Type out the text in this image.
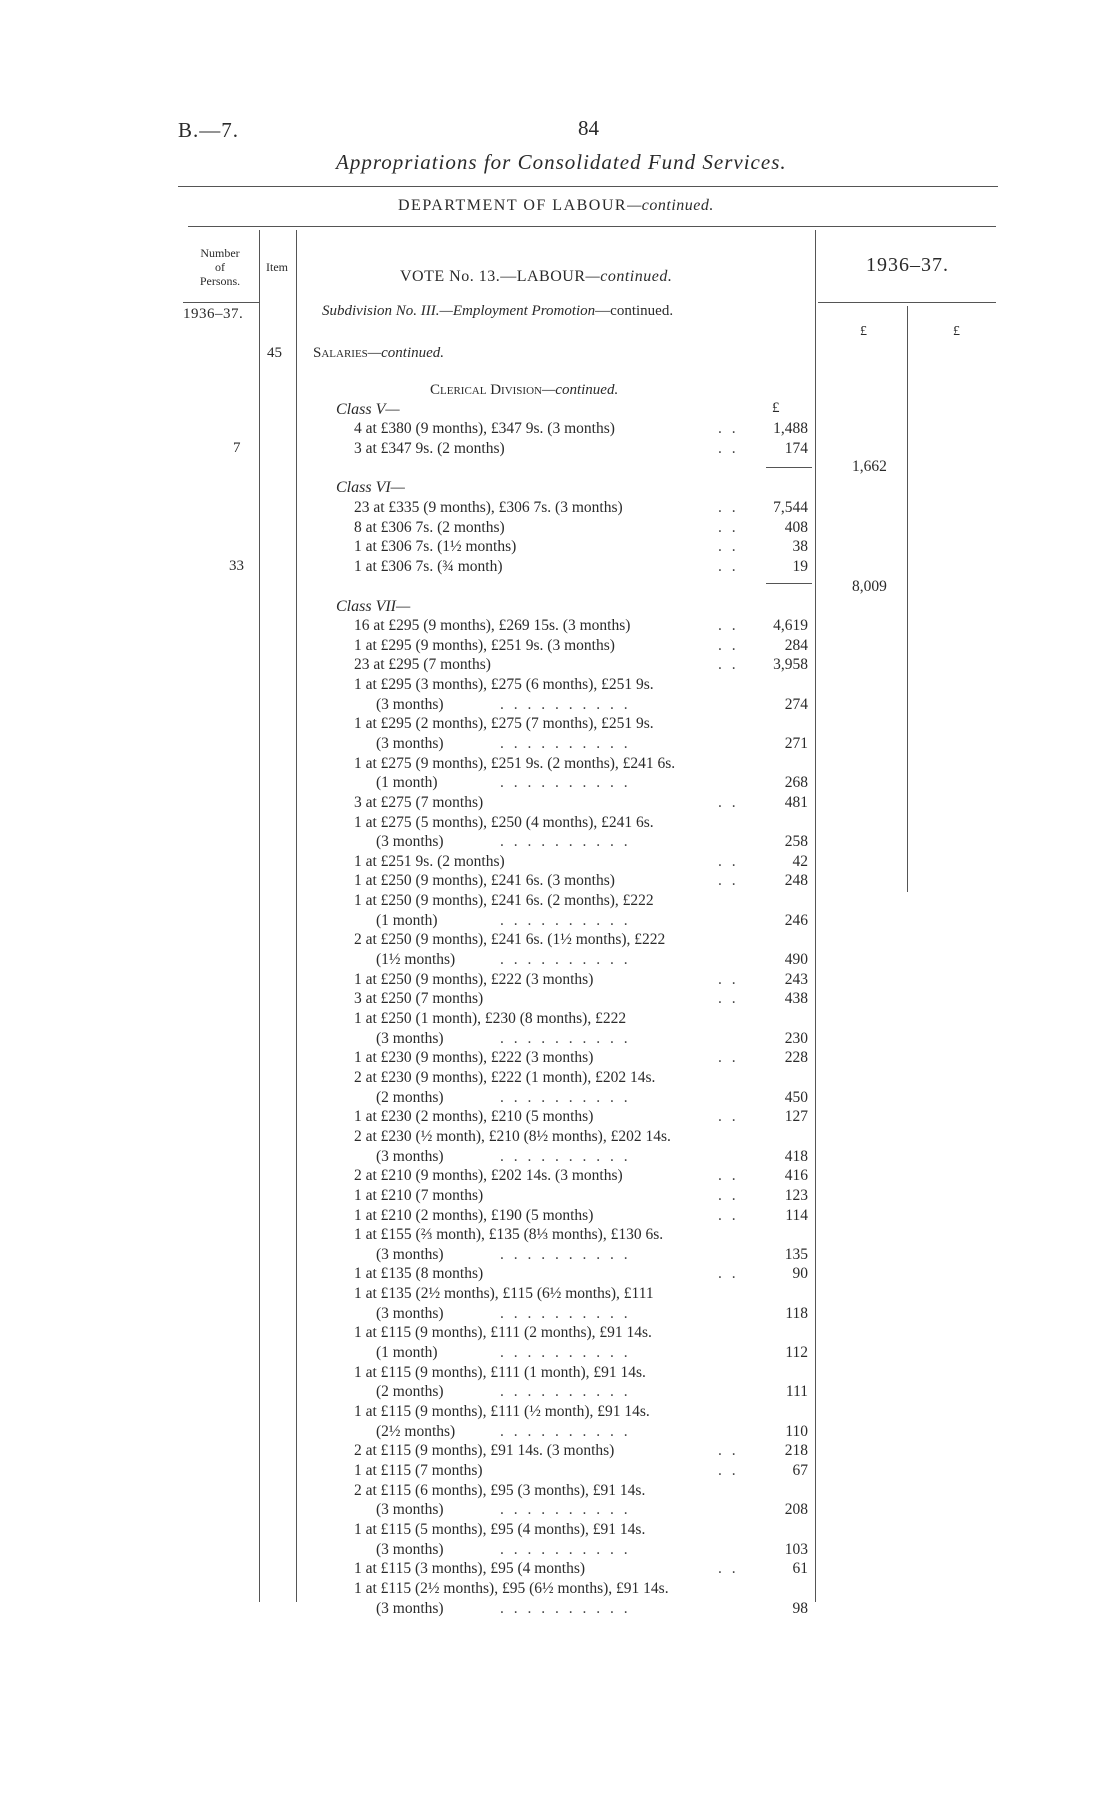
B.—7.	84
Appropriations for Consolidated Fund Services.
DEPARTMENT OF LABOUR—continued.
Number
of
Persons.
Item
VOTE No. 13.—LABOUR—continued.
1936–37.
1936–37.
£	£
Subdivision No. III.—Employment Promotion—continued.
45 Salaries—continued.
Clerical Division—continued.
£
Class V—
7
4 at £380 (9 months), £347 9s. (3 months)	. . 1,488
3 at £347 9s. (2 months)	. .	174
1,662
Class VI—
33
23 at £335 (9 months), £306 7s. (3 months)	. . 7,544
8 at £306 7s. (2 months)	. .	408
1 at £306 7s. (1½ months)	. .	38
1 at £306 7s. (¾ month)	. .	19
8,009
Class VII—
16 at £295 (9 months), £269 15s. (3 months)	. . 4,619
1 at £295 (9 months), £251 9s. (3 months)	. .	284
23 at £295 (7 months)	. . 3,958
1 at £295 (3 months), £275 (6 months), £251 9s.
(3 months)	. . . . . . . . . .	274
1 at £295 (2 months), £275 (7 months), £251 9s.
(3 months)	. . . . . . . . . .	271
1 at £275 (9 months), £251 9s. (2 months), £241 6s.
(1 month)	. . . . . . . . . .	268
3 at £275 (7 months)	. .	481
1 at £275 (5 months), £250 (4 months), £241 6s.
(3 months)	. . . . . . . . . .	258
1 at £251 9s. (2 months)	. .	42
1 at £250 (9 months), £241 6s. (3 months)	. .	248
1 at £250 (9 months), £241 6s. (2 months), £222
(1 month)	. . . . . . . . . .	246
2 at £250 (9 months), £241 6s. (1½ months), £222
(1½ months)	. . . . . . . . . .	490
1 at £250 (9 months), £222 (3 months)	. .	243
3 at £250 (7 months)	. .	438
1 at £250 (1 month), £230 (8 months), £222
(3 months)	. . . . . . . . . .	230
1 at £230 (9 months), £222 (3 months)	. .	228
2 at £230 (9 months), £222 (1 month), £202 14s.
(2 months)	. . . . . . . . . .	450
1 at £230 (2 months), £210 (5 months)	. .	127
2 at £230 (½ month), £210 (8½ months), £202 14s.
(3 months)	. . . . . . . . . .	418
2 at £210 (9 months), £202 14s. (3 months)	. .	416
1 at £210 (7 months)	. .	123
1 at £210 (2 months), £190 (5 months)	. .	114
1 at £155 (⅔ month), £135 (8⅓ months), £130 6s.
(3 months)	. . . . . . . . . .	135
1 at £135 (8 months)	. .	90
1 at £135 (2½ months), £115 (6½ months), £111
(3 months)	. . . . . . . . . .	118
1 at £115 (9 months), £111 (2 months), £91 14s.
(1 month)	. . . . . . . . . .	112
1 at £115 (9 months), £111 (1 month), £91 14s.
(2 months)	. . . . . . . . . .	111
1 at £115 (9 months), £111 (½ month), £91 14s.
(2½ months)	. . . . . . . . . .	110
2 at £115 (9 months), £91 14s. (3 months)	. .	218
1 at £115 (7 months)	. .	67
2 at £115 (6 months), £95 (3 months), £91 14s.
(3 months)	. . . . . . . . . .	208
1 at £115 (5 months), £95 (4 months), £91 14s.
(3 months)	. . . . . . . . . .	103
1 at £115 (3 months), £95 (4 months)	. .	61
1 at £115 (2½ months), £95 (6½ months), £91 14s.
(3 months)	. . . . . . . . . .	98
